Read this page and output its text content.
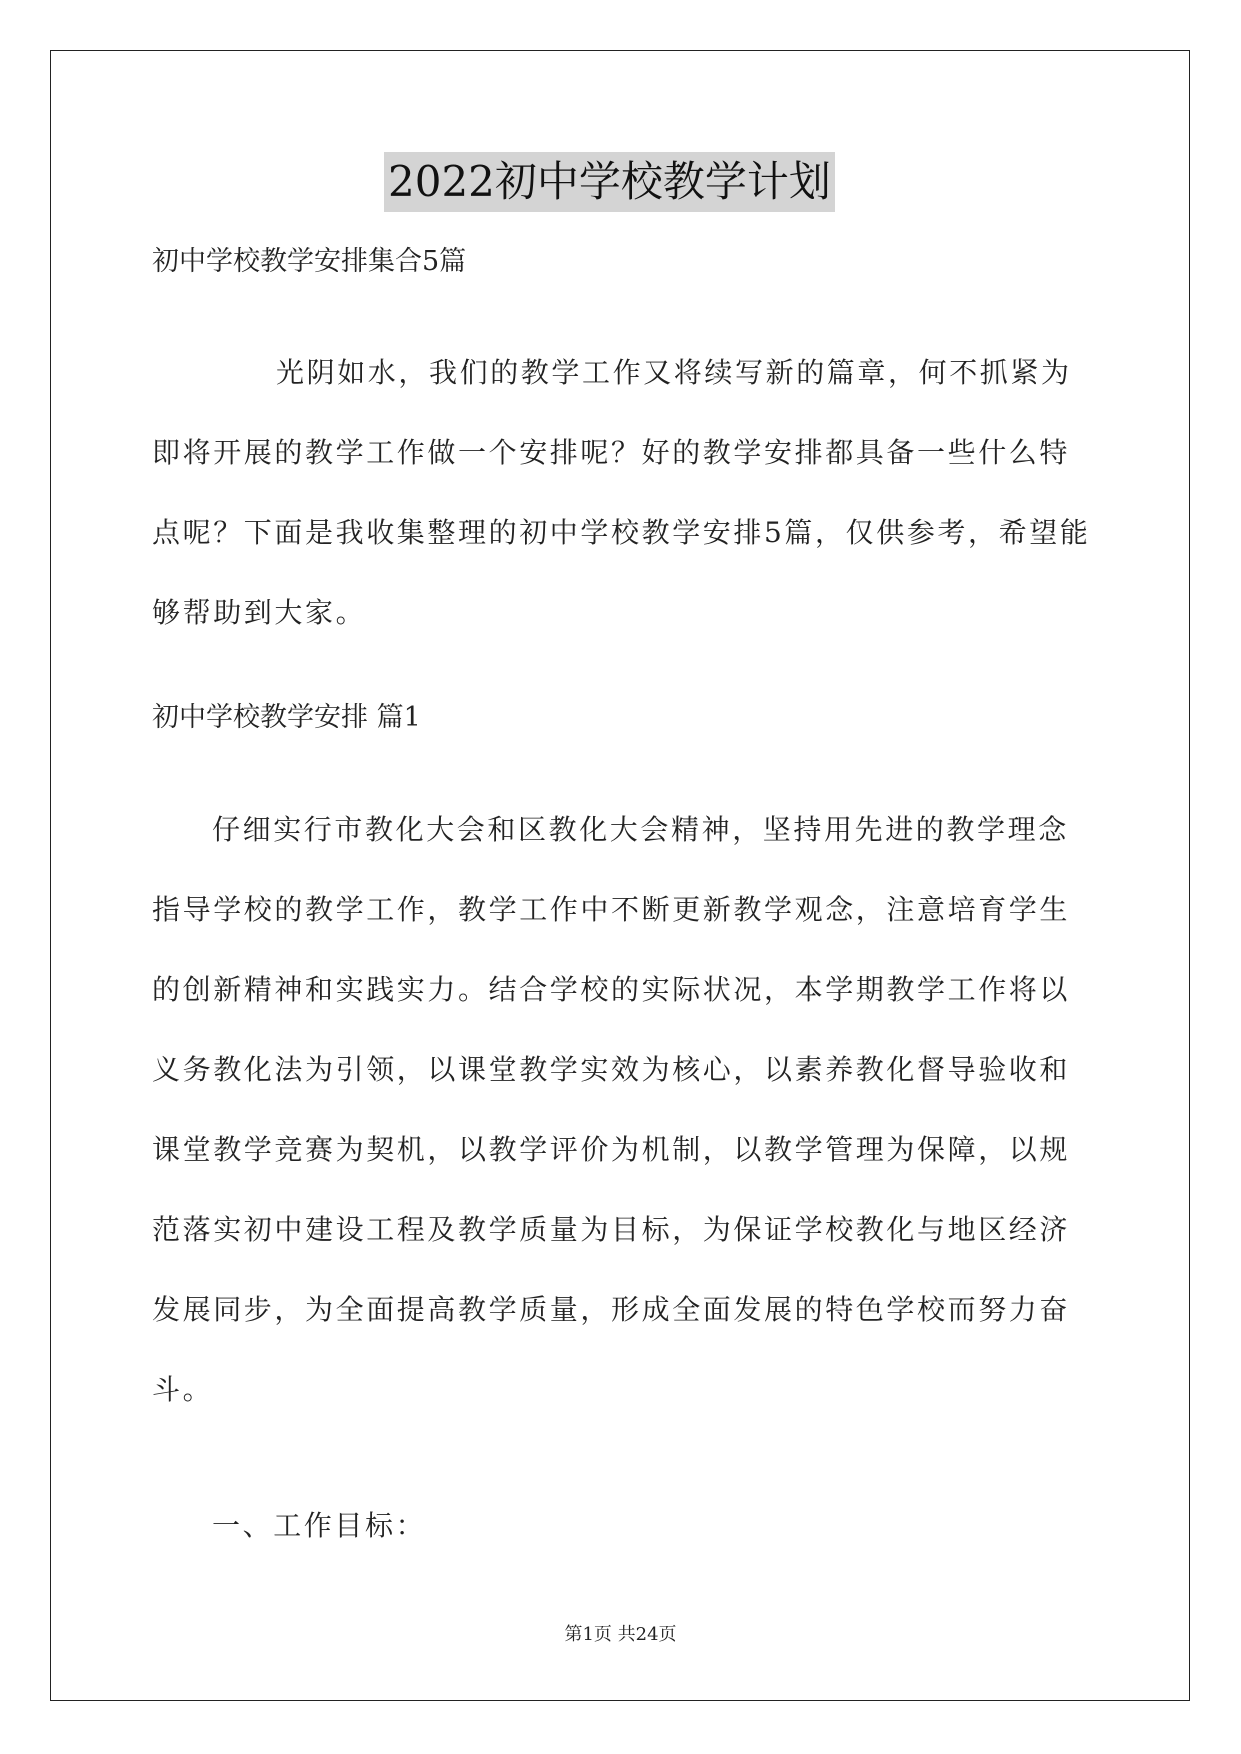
2022初中学校教学计划
初中学校教学安排集合5篇

光阴如水，我们的教学工作又将续写新的篇章，何不抓紧为即将开展的教学工作做一个安排呢？好的教学安排都具备一些什么特点呢？下面是我收集整理的初中学校教学安排5篇，仅供参考，希望能够帮助到大家。

初中学校教学安排 篇1

仔细实行市教化大会和区教化大会精神，坚持用先进的教学理念指导学校的教学工作，教学工作中不断更新教学观念，注意培育学生的创新精神和实践实力。结合学校的实际状况，本学期教学工作将以义务教化法为引领，以课堂教学实效为核心，以素养教化督导验收和课堂教学竞赛为契机，以教学评价为机制，以教学管理为保障，以规范落实初中建设工程及教学质量为目标，为保证学校教化与地区经济发展同步，为全面提高教学质量，形成全面发展的特色学校而努力奋斗。

一、工作目标：

第1页 共24页
